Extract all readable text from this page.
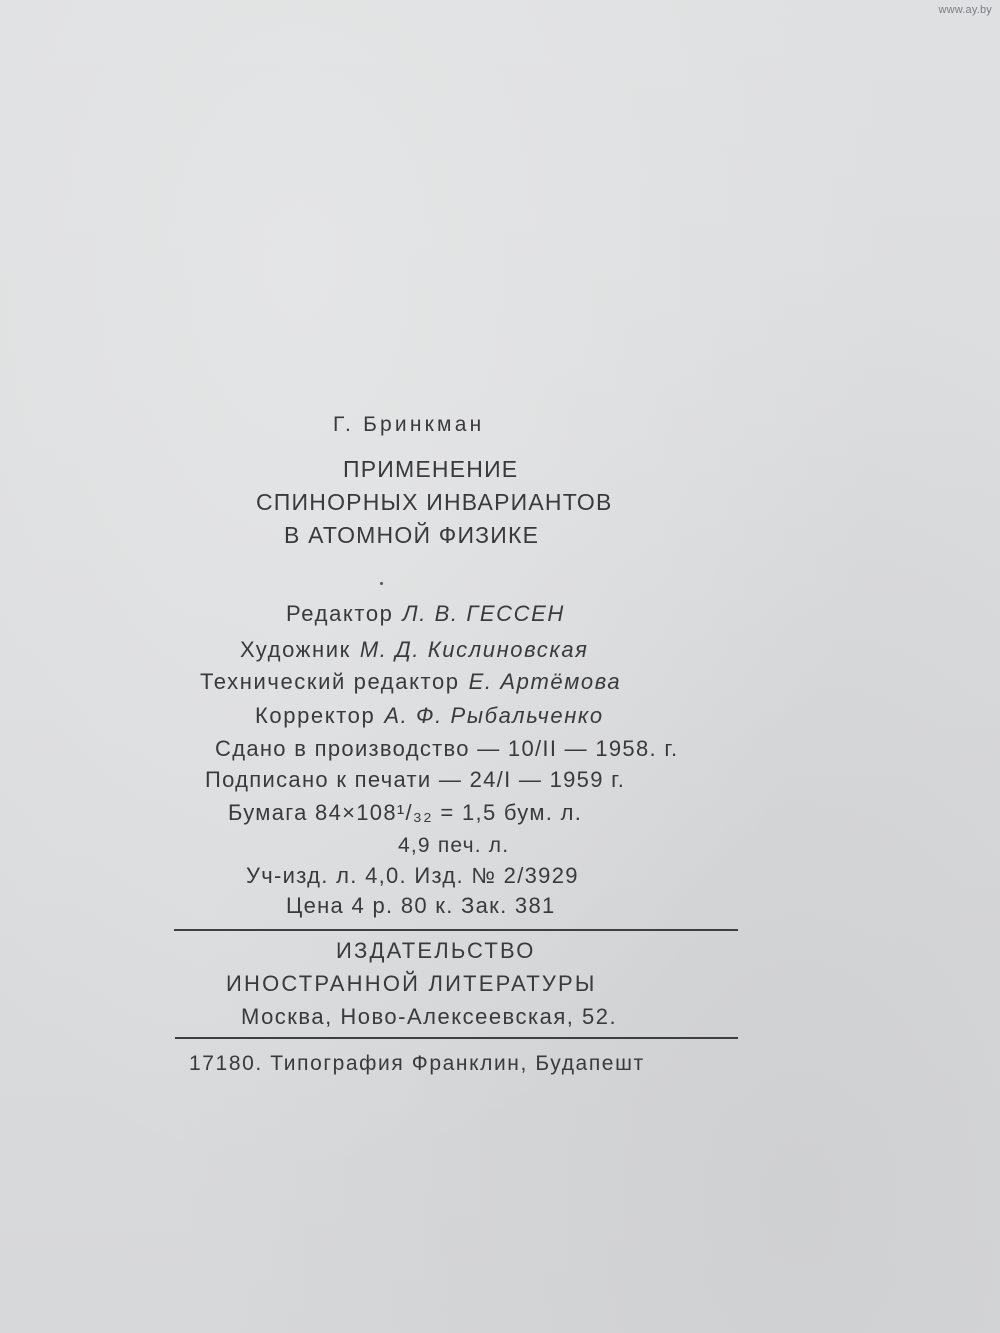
www.ay.by
Г. Бринкман
ПРИМЕНЕНИЕ
СПИНОРНЫХ ИНВАРИАНТОВ
В АТОМНОЙ ФИЗИКЕ
Редактор Л. В. ГЕССЕН
Художник М. Д. Кислиновская
Технический редактор Е. Артёмова
Корректор А. Ф. Рыбальченко
Сдано в производство — 10/II — 1958. г.
Подписано к печати — 24/I — 1959 г.
Бумага 84×108¹/₃₂ = 1,5 бум. л.
4,9 печ. л.
Уч-изд. л. 4,0. Изд. № 2/3929
Цена 4 р. 80 к. Зак. 381
ИЗДАТЕЛЬСТВО
ИНОСТРАННОЙ ЛИТЕРАТУРЫ
Москва, Ново-Алексеевская, 52.
17180. Типография Франклин, Будапешт
